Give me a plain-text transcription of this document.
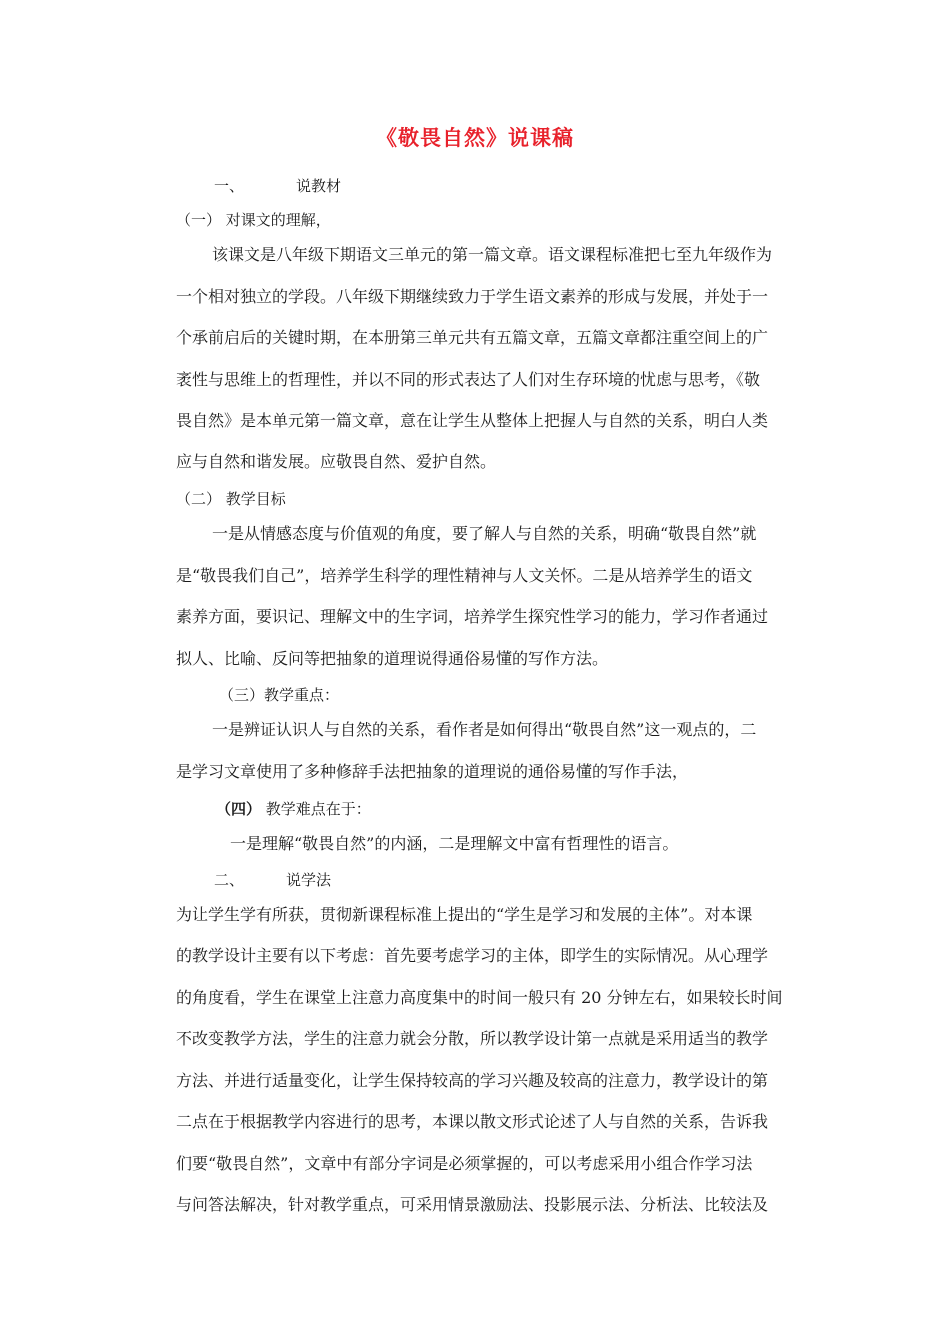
《敬畏自然》说课稿
一、	说教材
（一） 对课文的理解，
该课文是八年级下期语文三单元的第一篇文章。语文课程标准把七至九年级作为
一个相对独立的学段。八年级下期继续致力于学生语文素养的形成与发展，并处于一
个承前启后的关键时期，在本册第三单元共有五篇文章，五篇文章都注重空间上的广
袤性与思维上的哲理性，并以不同的形式表达了人们对生存环境的忧虑与思考，《敬
畏自然》是本单元第一篇文章，意在让学生从整体上把握人与自然的关系，明白人类
应与自然和谐发展。应敬畏自然、爱护自然。
（二） 教学目标
一是从情感态度与价值观的角度，要了解人与自然的关系，明确“敬畏自然”就
是“敬畏我们自己”，培养学生科学的理性精神与人文关怀。二是从培养学生的语文
素养方面，要识记、理解文中的生字词，培养学生探究性学习的能力，学习作者通过
拟人、比喻、反问等把抽象的道理说得通俗易懂的写作方法。
（三）教学重点：
一是辨证认识人与自然的关系，看作者是如何得出“敬畏自然”这一观点的，二
是学习文章使用了多种修辞手法把抽象的道理说的通俗易懂的写作手法，
（四） 教学难点在于：
一是理解“敬畏自然”的内涵，二是理解文中富有哲理性的语言。
二、	说学法
为让学生学有所获，贯彻新课程标准上提出的“学生是学习和发展的主体”。对本课
的教学设计主要有以下考虑：首先要考虑学习的主体，即学生的实际情况。从心理学
的角度看，学生在课堂上注意力高度集中的时间一般只有 20 分钟左右，如果较长时间
不改变教学方法，学生的注意力就会分散，所以教学设计第一点就是采用适当的教学
方法、并进行适量变化，让学生保持较高的学习兴趣及较高的注意力，教学设计的第
二点在于根据教学内容进行的思考，本课以散文形式论述了人与自然的关系，告诉我
们要“敬畏自然”，文章中有部分字词是必须掌握的，可以考虑采用小组合作学习法
与问答法解决，针对教学重点，可采用情景激励法、投影展示法、分析法、比较法及
